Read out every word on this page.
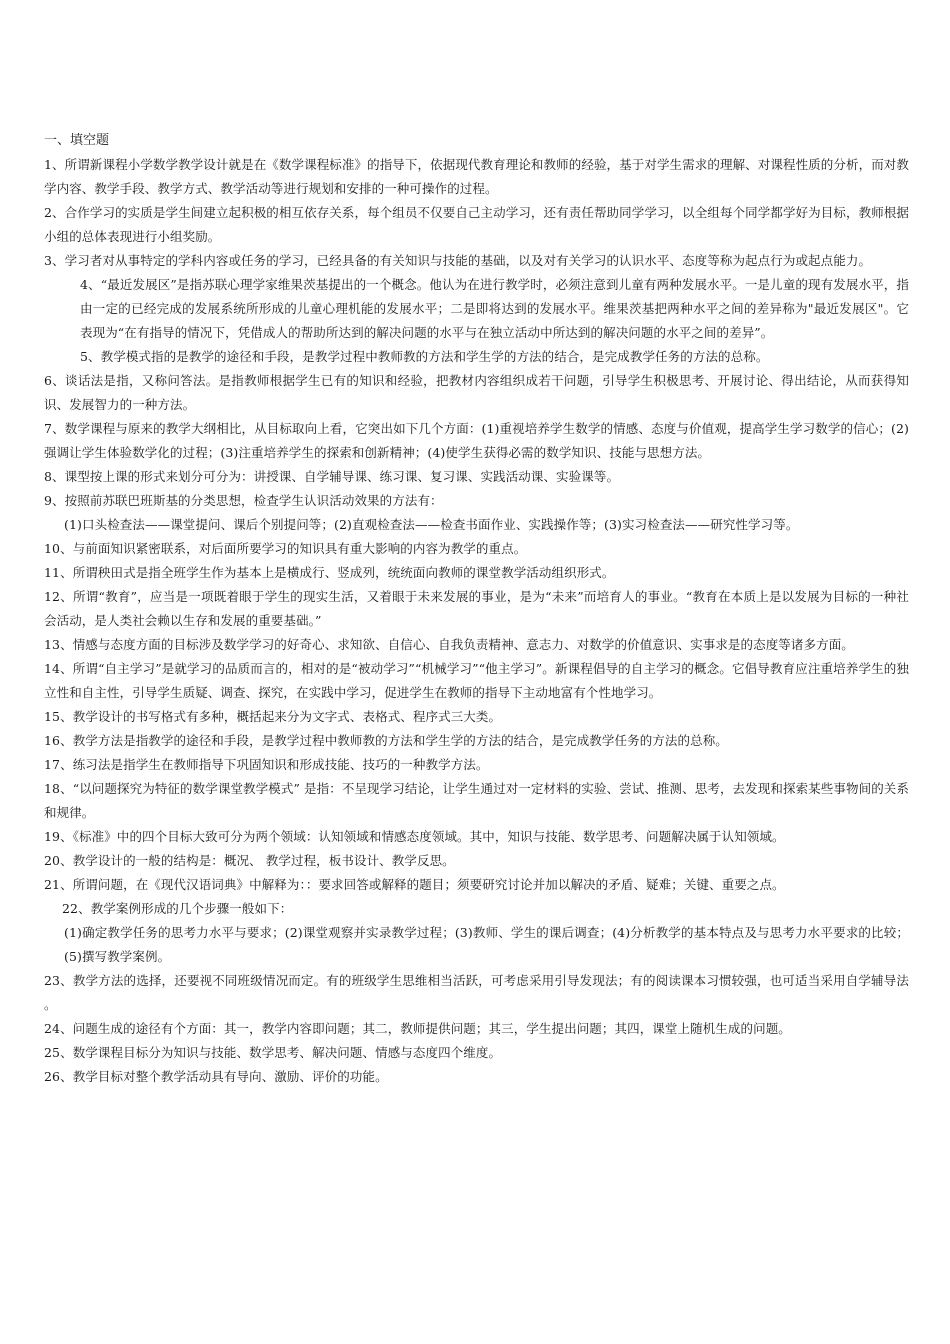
一、填空题

1、所谓新课程小学数学教学设计就是在《数学课程标准》的指导下，依据现代教育理论和教师的经验，基于对学生需求的理解、对课程性质的分析，而对教学内容、教学手段、教学方式、教学活动等进行规划和安排的一种可操作的过程。

2、合作学习的实质是学生间建立起积极的相互依存关系，每个组员不仅要自己主动学习，还有责任帮助同学学习，以全组每个同学都学好为目标，教师根据小组的总体表现进行小组奖励。

3、学习者对从事特定的学科内容或任务的学习，已经具备的有关知识与技能的基础，以及对有关学习的认识水平、态度等称为起点行为或起点能力。

4、“最近发展区”是指苏联心理学家维果茨基提出的一个概念。他认为在进行教学时，必须注意到儿童有两种发展水平。一是儿童的现有发展水平，指由一定的已经完成的发展系统所形成的儿童心理机能的发展水平；二是即将达到的发展水平。维果茨基把两种水平之间的差异称为"最近发展区"。它表现为“在有指导的情况下，凭借成人的帮助所达到的解决问题的水平与在独立活动中所达到的解决问题的水平之间的差异”。

5、教学模式指的是教学的途径和手段，是教学过程中教师教的方法和学生学的方法的结合，是完成教学任务的方法的总称。

6、谈话法是指，又称问答法。是指教师根据学生已有的知识和经验，把教材内容组织成若干问题，引导学生积极思考、开展讨论、得出结论，从而获得知识、发展智力的一种方法。

7、数学课程与原来的教学大纲相比，从目标取向上看，它突出如下几个方面：(1)重视培养学生数学的情感、态度与价值观，提高学生学习数学的信心；(2)强调让学生体验数学化的过程；(3)注重培养学生的探索和创新精神；(4)使学生获得必需的数学知识、技能与思想方法。

8、课型按上课的形式来划分可分为：讲授课、自学辅导课、练习课、复习课、实践活动课、实验课等。

9、按照前苏联巴班斯基的分类思想，检查学生认识活动效果的方法有：

(1)口头检查法——课堂提问、课后个别提问等；(2)直观检查法——检查书面作业、实践操作等；(3)实习检查法——研究性学习等。

10、与前面知识紧密联系，对后面所要学习的知识具有重大影响的内容为教学的重点。

11、所谓秧田式是指全班学生作为基本上是横成行、竖成列，统统面向教师的课堂教学活动组织形式。

12、所谓“教育”，应当是一项既着眼于学生的现实生活，又着眼于未来发展的事业，是为“未来”而培育人的事业。“教育在本质上是以发展为目标的一种社会活动，是人类社会赖以生存和发展的重要基础。”

13、情感与态度方面的目标涉及数学学习的好奇心、求知欲、自信心、自我负责精神、意志力、对数学的价值意识、实事求是的态度等诸多方面。

14、所谓“自主学习”是就学习的品质而言的，相对的是“被动学习”“机械学习”“他主学习”。新课程倡导的自主学习的概念。它倡导教育应注重培养学生的独立性和自主性，引导学生质疑、调查、探究，在实践中学习，促进学生在教师的指导下主动地富有个性地学习。

15、教学设计的书写格式有多种，概括起来分为文字式、表格式、程序式三大类。

16、教学方法是指教学的途径和手段，是教学过程中教师教的方法和学生学的方法的结合，是完成教学任务的方法的总称。

17、练习法是指学生在教师指导下巩固知识和形成技能、技巧的一种教学方法。

18、“以问题探究为特征的数学课堂教学模式” 是指：不呈现学习结论，让学生通过对一定材料的实验、尝试、推测、思考，去发现和探索某些事物间的关系和规律。

19、《标准》中的四个目标大致可分为两个领域：认知领域和情感态度领域。其中，知识与技能、数学思考、问题解决属于认知领域。

20、教学设计的一般的结构是：概况、 教学过程，板书设计、教学反思。

21、所谓问题，在《现代汉语词典》中解释为：：要求回答或解释的题目；须要研究讨论并加以解决的矛盾、疑难；关键、重要之点。

22、教学案例形成的几个步骤一般如下：

(1)确定教学任务的思考力水平与要求；(2)课堂观察并实录教学过程；(3)教师、学生的课后调查；(4)分析教学的基本特点及与思考力水平要求的比较；(5)撰写教学案例。

23、教学方法的选择，还要视不同班级情况而定。有的班级学生思维相当活跃，可考虑采用引导发现法；有的阅读课本习惯较强，也可适当采用自学辅导法 。

24、问题生成的途径有个方面：其一，教学内容即问题；其二，教师提供问题；其三，学生提出问题；其四，课堂上随机生成的问题。

25、数学课程目标分为知识与技能、数学思考、解决问题、情感与态度四个维度。

26、教学目标对整个教学活动具有导向、激励、评价的功能。
